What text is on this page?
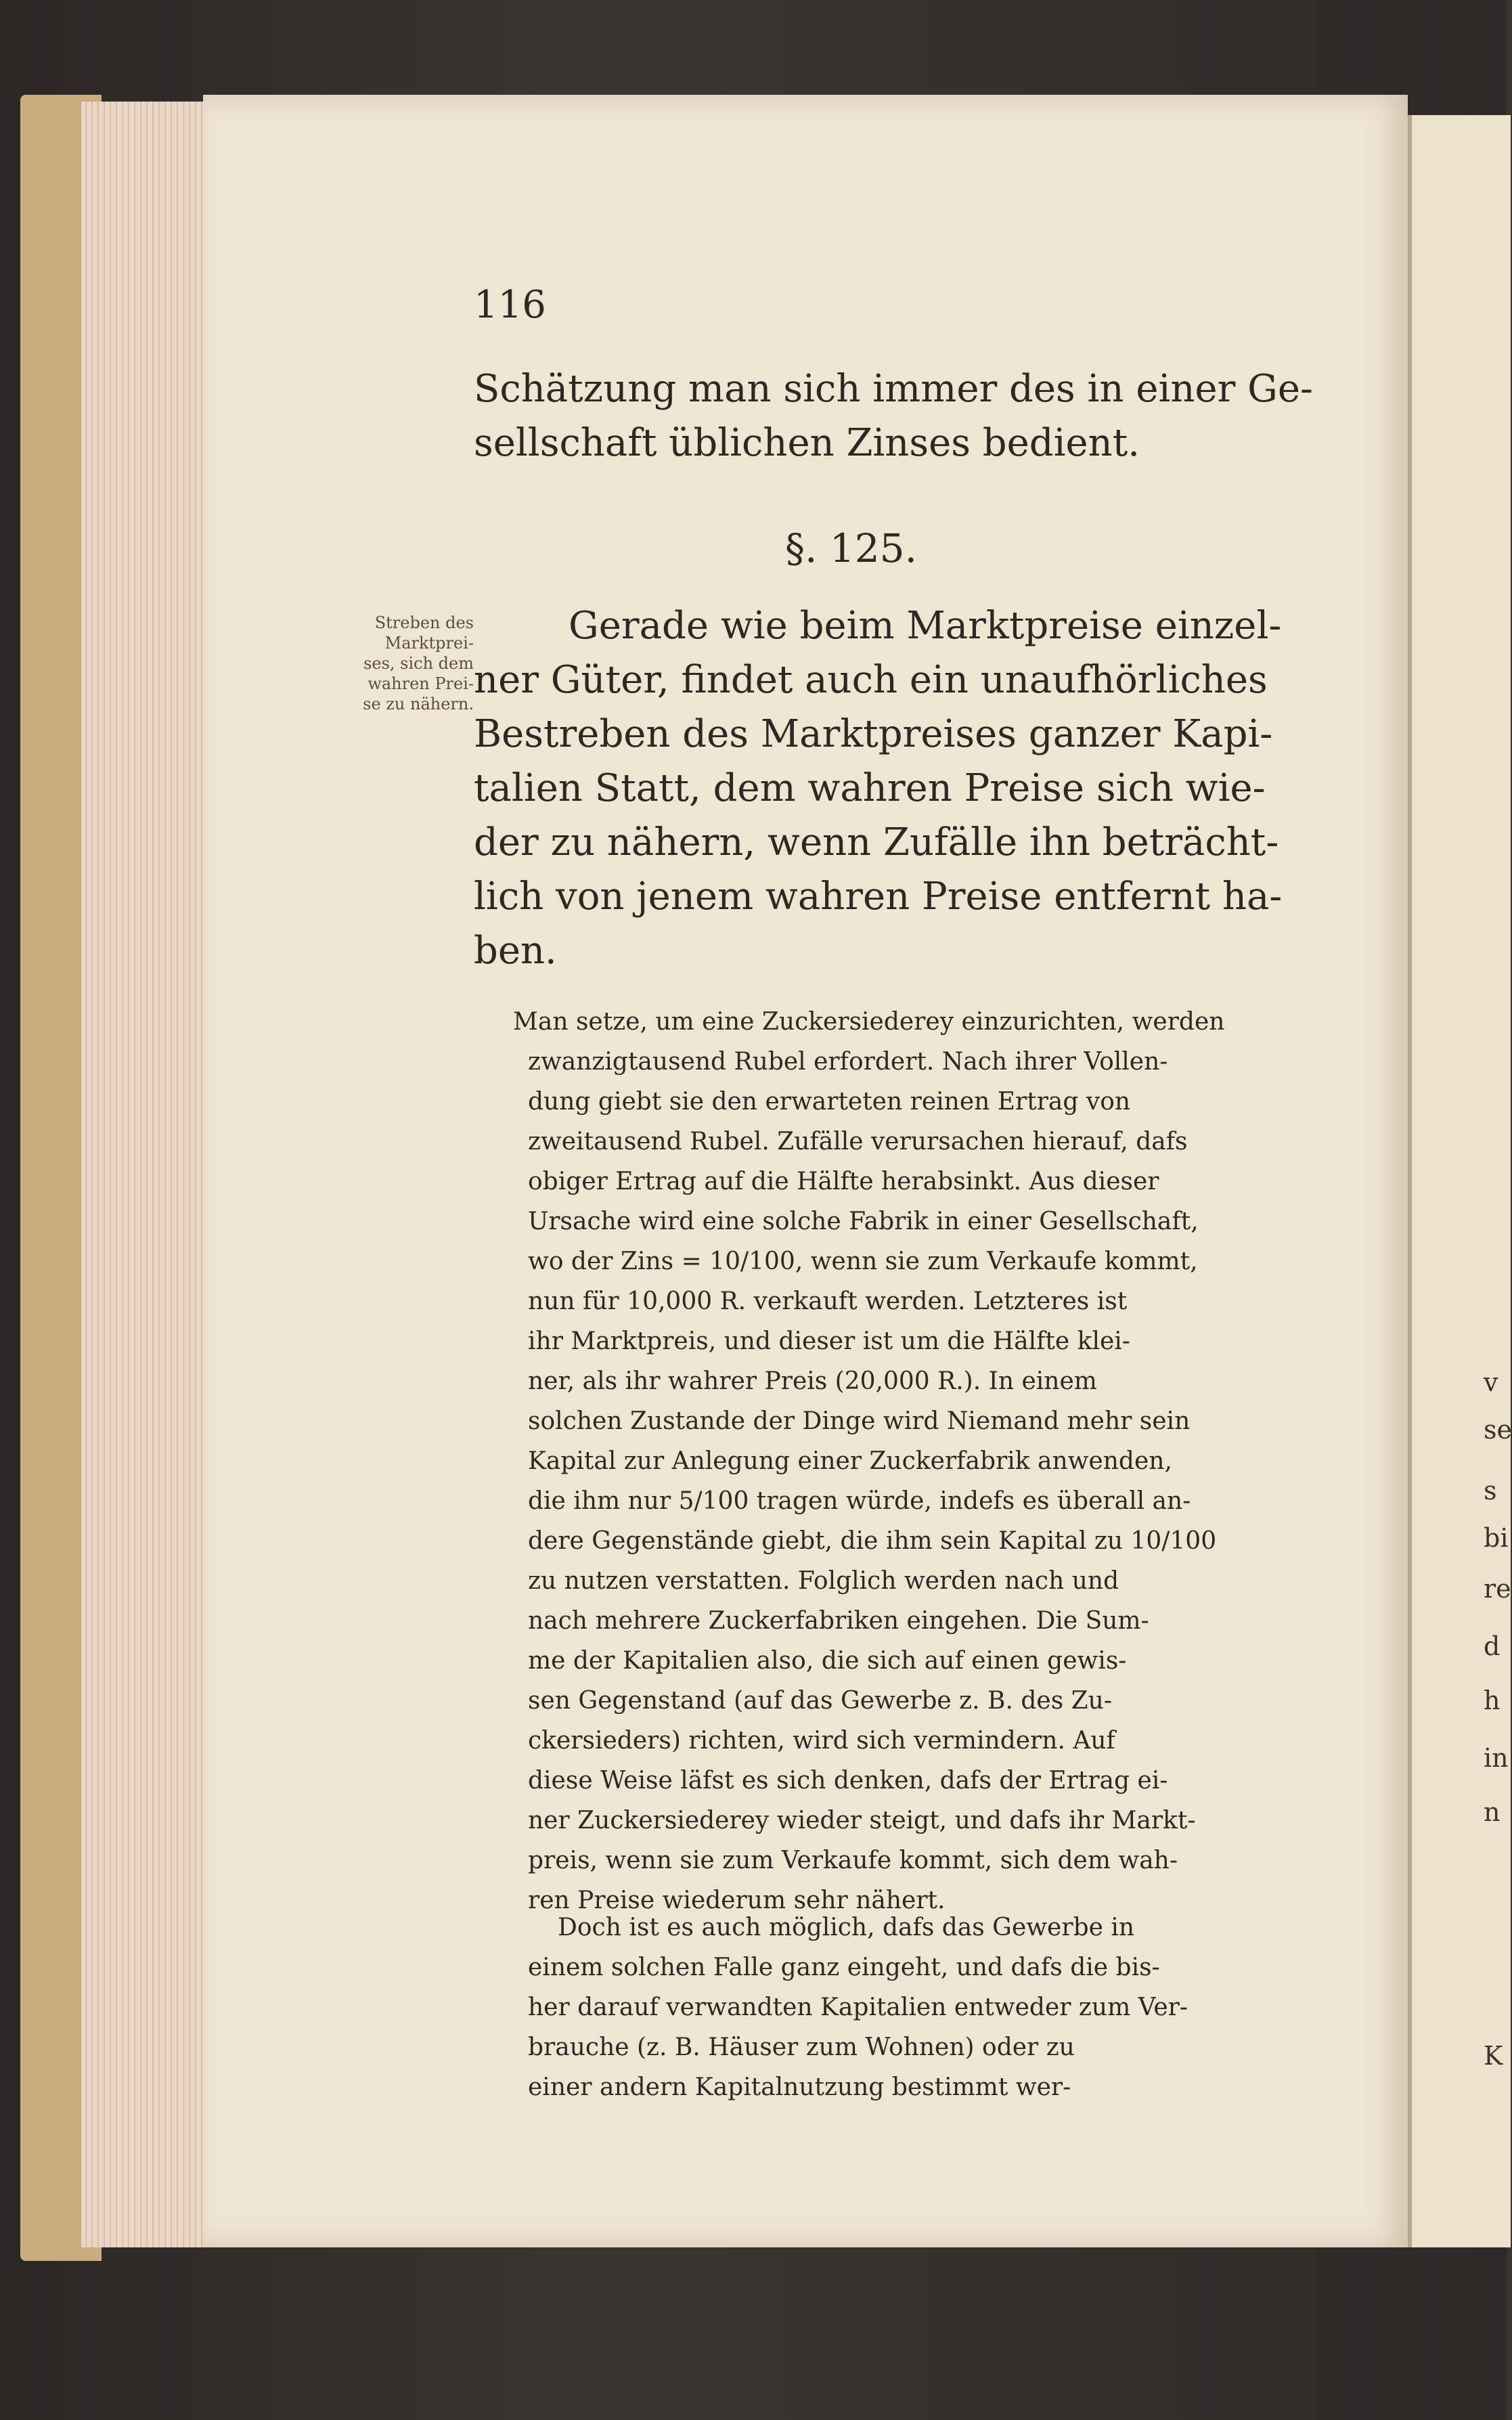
v
se
s
bi
re
d
h
in
n
K
116
Schätzung man sich immer des in einer Ge-
sellschaft üblichen Zinses bedient.
§. 125.
Streben des
Marktprei-
ses, sich dem
wahren Prei-
se zu nähern.
Gerade wie beim Marktpreise einzel-
ner Güter, findet auch ein unaufhörliches
Bestreben des Marktpreises ganzer Kapi-
talien Statt, dem wahren Preise sich wie-
der zu nähern, wenn Zufälle ihn beträcht-
lich von jenem wahren Preise entfernt ha-
ben.
Man setze, um eine Zuckersiederey einzurichten, werden
zwanzigtausend Rubel erfordert. Nach ihrer Vollen-
dung giebt sie den erwarteten reinen Ertrag von
zweitausend Rubel. Zufälle verursachen hierauf, dafs
obiger Ertrag auf die Hälfte herabsinkt. Aus dieser
Ursache wird eine solche Fabrik in einer Gesellschaft,
wo der Zins = 10/100, wenn sie zum Verkaufe kommt,
nun für 10,000 R. verkauft werden. Letzteres ist
ihr Marktpreis, und dieser ist um die Hälfte klei-
ner, als ihr wahrer Preis (20,000 R.). In einem
solchen Zustande der Dinge wird Niemand mehr sein
Kapital zur Anlegung einer Zuckerfabrik anwenden,
die ihm nur 5/100 tragen würde, indefs es überall an-
dere Gegenstände giebt, die ihm sein Kapital zu 10/100
zu nutzen verstatten. Folglich werden nach und
nach mehrere Zuckerfabriken eingehen. Die Sum-
me der Kapitalien also, die sich auf einen gewis-
sen Gegenstand (auf das Gewerbe z. B. des Zu-
ckersieders) richten, wird sich vermindern. Auf
diese Weise läfst es sich denken, dafs der Ertrag ei-
ner Zuckersiederey wieder steigt, und dafs ihr Markt-
preis, wenn sie zum Verkaufe kommt, sich dem wah-
ren Preise wiederum sehr nähert.
Doch ist es auch möglich, dafs das Gewerbe in
einem solchen Falle ganz eingeht, und dafs die bis-
her darauf verwandten Kapitalien entweder zum Ver-
brauche (z. B. Häuser zum Wohnen) oder zu
einer andern Kapitalnutzung bestimmt wer-
